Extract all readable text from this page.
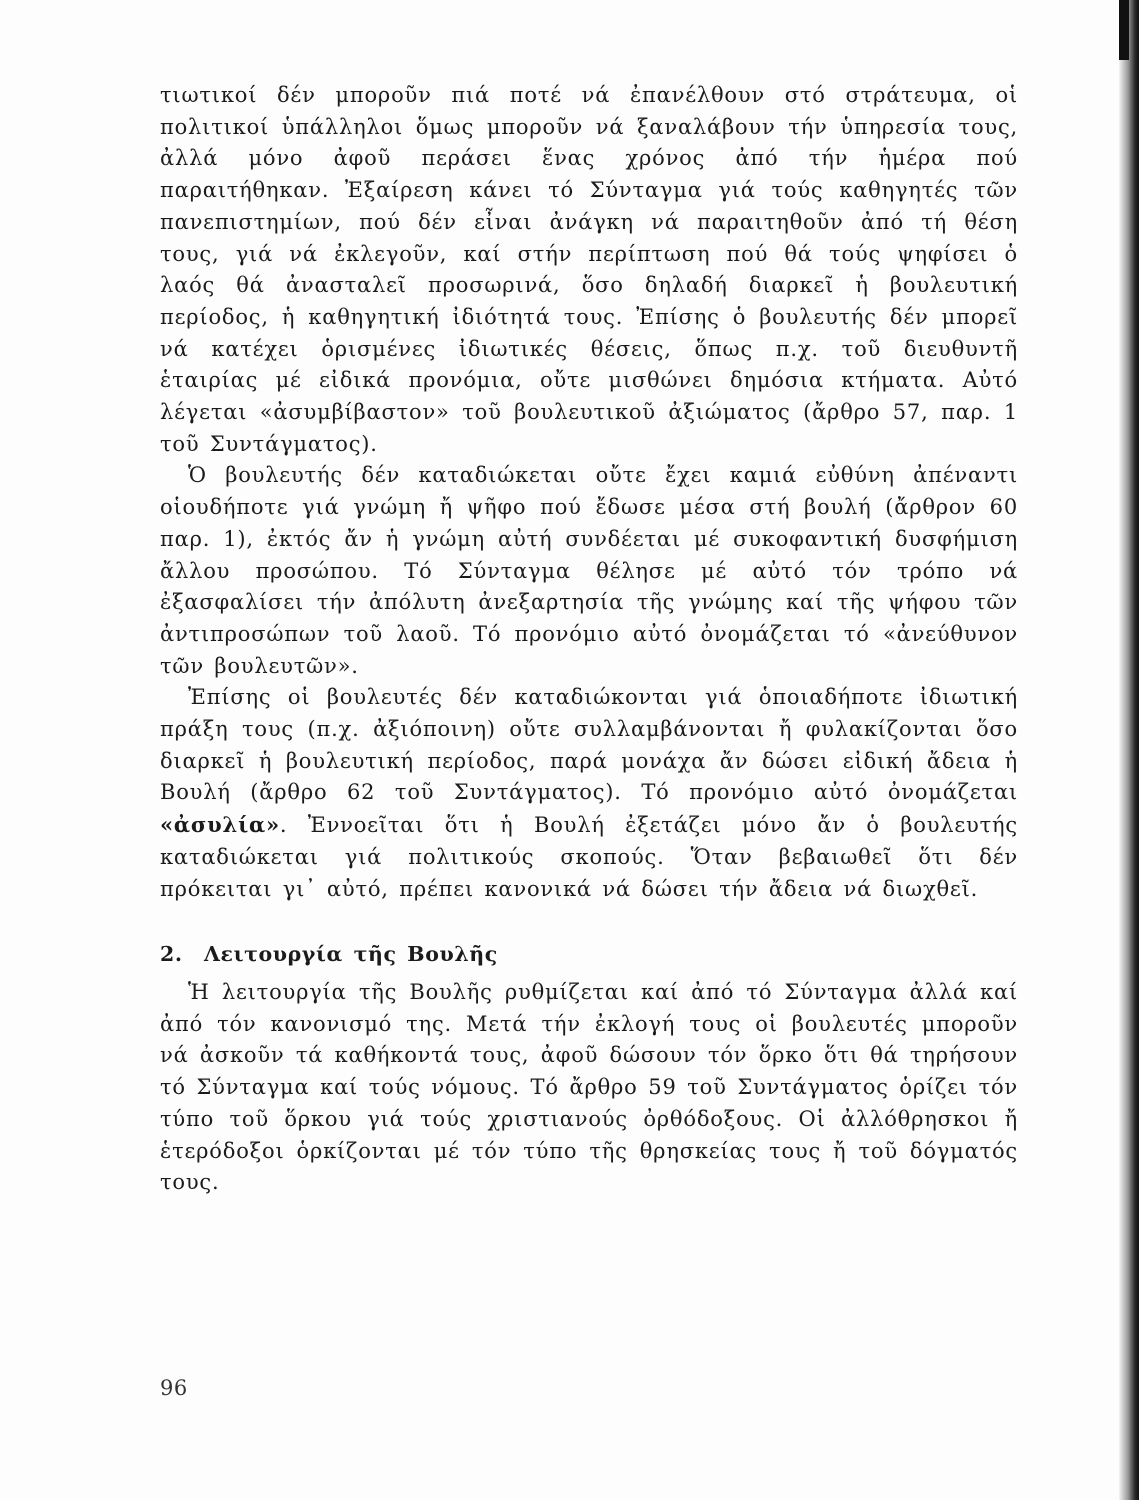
τιωτικοί δέν μποροῦν πιά ποτέ νά ἐπανέλθουν στό στράτευμα, οἱ πολιτικοί ὑπάλληλοι ὅμως μποροῦν νά ξαναλάβουν τήν ὑπηρεσία τους, ἀλλά μόνο ἀφοῦ περάσει ἕνας χρόνος ἀπό τήν ἡμέρα πού παραιτήθηκαν. Ἐξαίρεση κάνει τό Σύνταγμα γιά τούς καθηγητές τῶν πανεπιστημίων, πού δέν εἶναι ἀνάγκη νά παραιτηθοῦν ἀπό τή θέση τους, γιά νά ἐκλεγοῦν, καί στήν περίπτωση πού θά τούς ψηφίσει ὁ λαός θά ἀνασταλεῖ προσωρινά, ὅσο δηλαδή διαρκεῖ ἡ βουλευτική περίοδος, ἡ καθηγητική ἰδιότητά τους. Ἐπίσης ὁ βουλευτής δέν μπορεῖ νά κατέχει ὁρισμένες ἰδιωτικές θέσεις, ὅπως π.χ. τοῦ διευθυντῆ ἑταιρίας μέ εἰδικά προνόμια, οὔτε μισθώνει δημόσια κτήματα. Αὐτό λέγεται «ἀσυμβίβαστον» τοῦ βουλευτικοῦ ἀξιώματος (ἄρθρο 57, παρ. 1 τοῦ Συντάγματος).

Ὁ βουλευτής δέν καταδιώκεται οὔτε ἔχει καμιά εὐθύνη ἀπέναντι οἱουδήποτε γιά γνώμη ἤ ψῆφο πού ἔδωσε μέσα στή βουλή (ἄρθρον 60 παρ. 1), ἐκτός ἄν ἡ γνώμη αὐτή συνδέεται μέ συκοφαντική δυσφήμιση ἄλλου προσώπου. Τό Σύνταγμα θέλησε μέ αὐτό τόν τρόπο νά ἐξασφαλίσει τήν ἀπόλυτη ἀνεξαρτησία τῆς γνώμης καί τῆς ψήφου τῶν ἀντιπροσώπων τοῦ λαοῦ. Τό προνόμιο αὐτό ὀνομάζεται τό «ἀνεύθυνον τῶν βουλευτῶν».

Ἐπίσης οἱ βουλευτές δέν καταδιώκονται γιά ὁποιαδήποτε ἰδιωτική πράξη τους (π.χ. ἀξιόποινη) οὔτε συλλαμβάνονται ἤ φυλακίζονται ὅσο διαρκεῖ ἡ βουλευτική περίοδος, παρά μονάχα ἄν δώσει εἰδική ἄδεια ἡ Βουλή (ἄρθρο 62 τοῦ Συντάγματος). Τό προνόμιο αὐτό ὀνομάζεται «ἀσυλία». Ἐννοεῖται ὅτι ἡ Βουλή ἐξετάζει μόνο ἄν ὁ βουλευτής καταδιώκεται γιά πολιτικούς σκοπούς. Ὅταν βεβαιωθεῖ ὅτι δέν πρόκειται γι᾽ αὐτό, πρέπει κανονικά νά δώσει τήν ἄδεια νά διωχθεῖ.

2. Λειτουργία τῆς Βουλῆς

Ἡ λειτουργία τῆς Βουλῆς ρυθμίζεται καί ἀπό τό Σύνταγμα ἀλλά καί ἀπό τόν κανονισμό της. Μετά τήν ἐκλογή τους οἱ βουλευτές μποροῦν νά ἀσκοῦν τά καθήκοντά τους, ἀφοῦ δώσουν τόν ὅρκο ὅτι θά τηρήσουν τό Σύνταγμα καί τούς νόμους. Τό ἄρθρο 59 τοῦ Συντάγματος ὁρίζει τόν τύπο τοῦ ὅρκου γιά τούς χριστιανούς ὀρθόδοξους. Οἱ ἀλλόθρησκοι ἤ ἑτερόδοξοι ὁρκίζονται μέ τόν τύπο τῆς θρησκείας τους ἤ τοῦ δόγματός τους.

96
